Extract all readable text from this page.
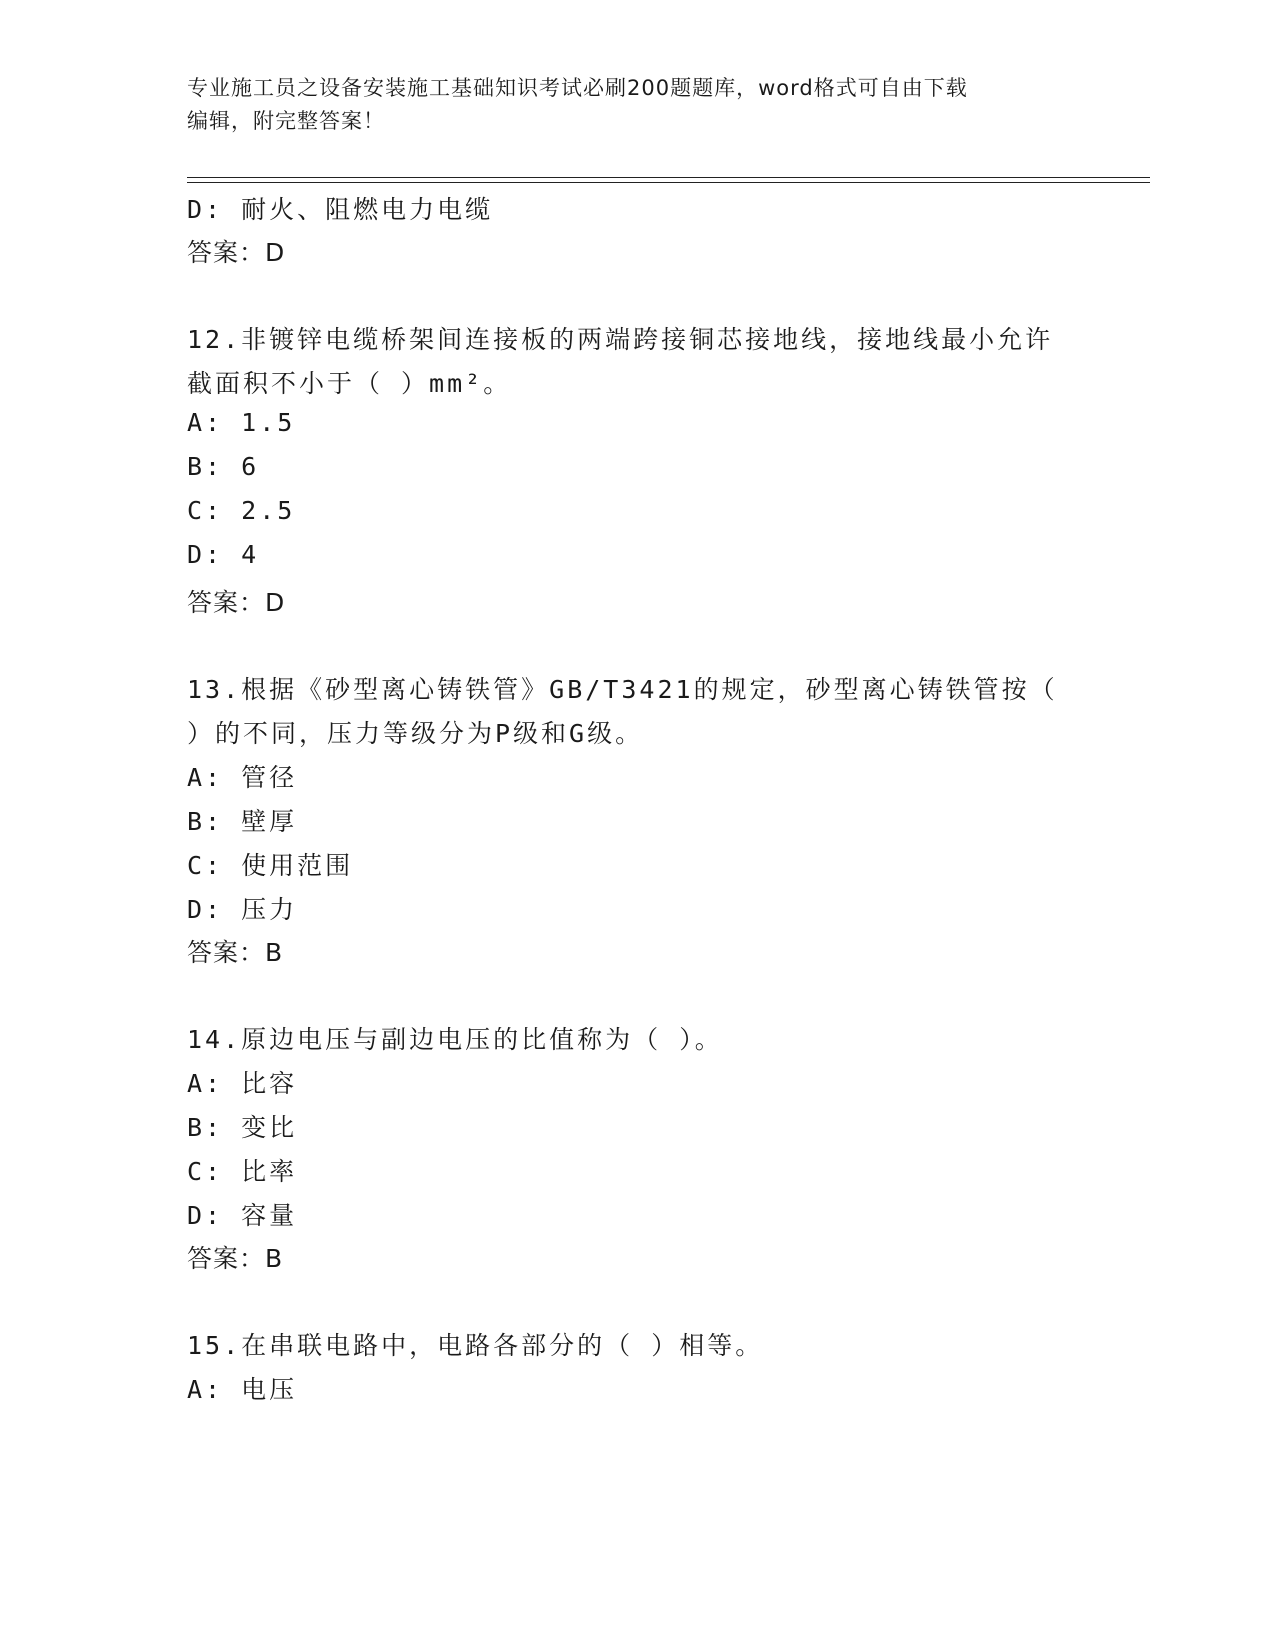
专业施工员之设备安装施工基础知识考试必刷200题题库，word格式可自由下载
编辑，附完整答案！
D: 耐火、阻燃电力电缆
答案：D
12.非镀锌电缆桥架间连接板的两端跨接铜芯接地线，接地线最小允许
截面积不小于（ ）mm²。
A: 1.5
B: 6
C: 2.5
D: 4
答案：D
13.根据《砂型离心铸铁管》GB/T3421的规定，砂型离心铸铁管按（
）的不同，压力等级分为P级和G级。
A: 管径
B: 壁厚
C: 使用范围
D: 压力
答案：B
14.原边电压与副边电压的比值称为（ ）。
A: 比容
B: 变比
C: 比率
D: 容量
答案：B
15.在串联电路中，电路各部分的（ ）相等。
A: 电压
